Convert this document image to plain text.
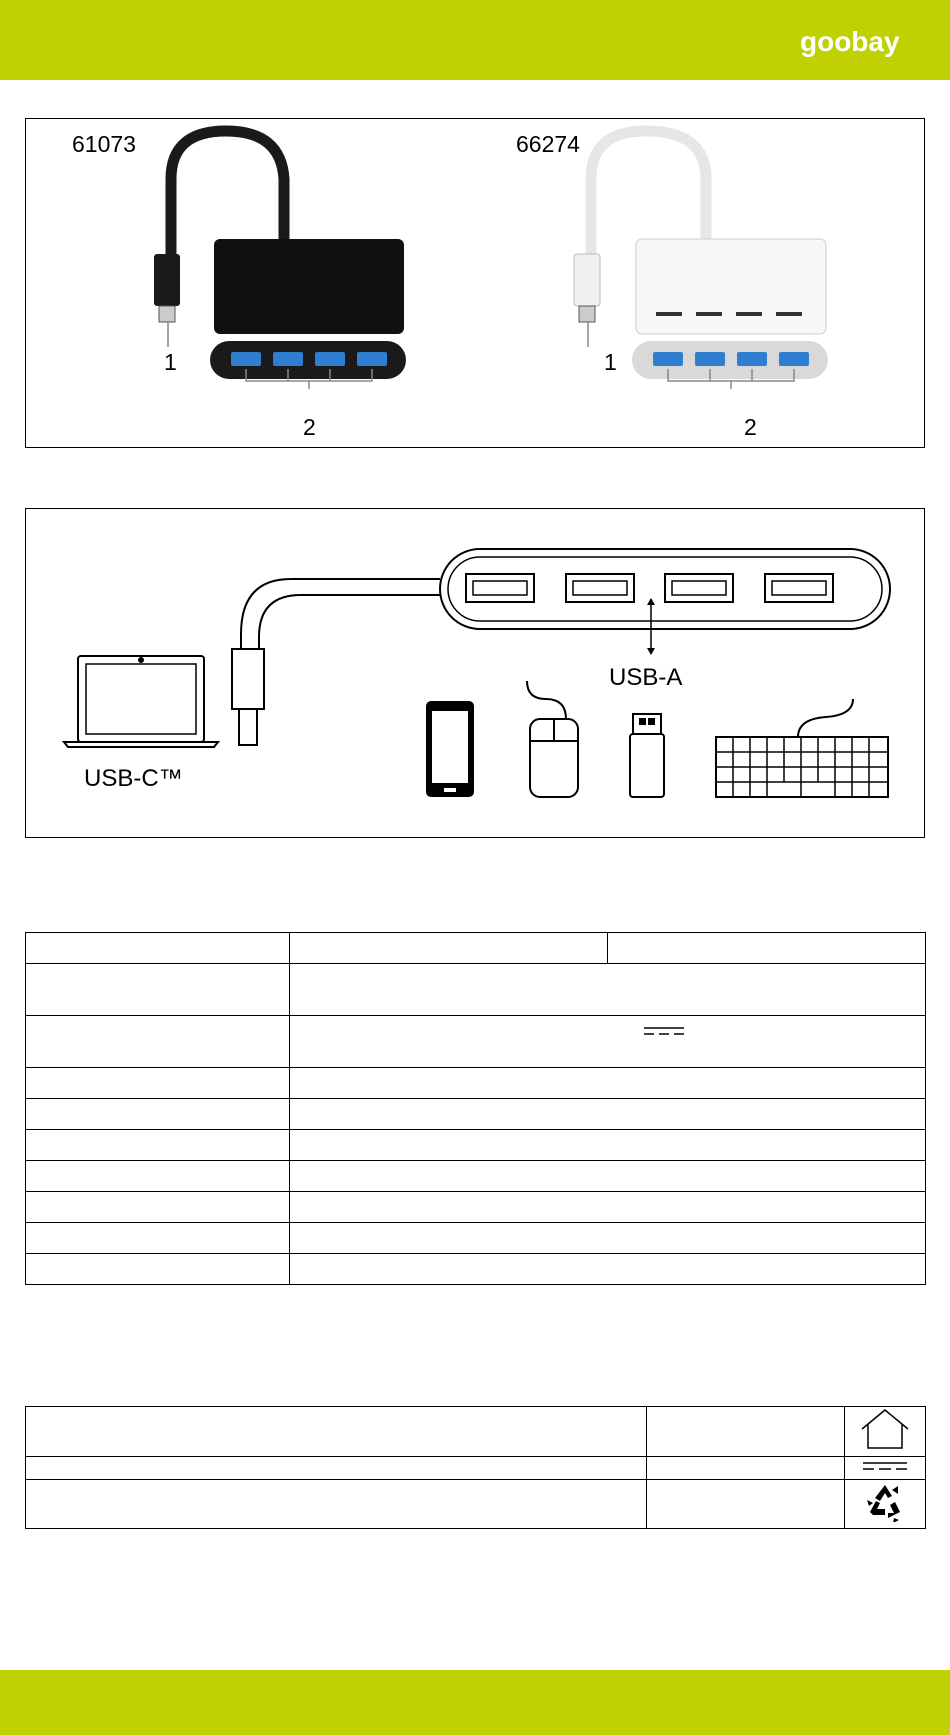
goobay
61073	66274
1	1
2	2
USB-C™
USB-A
